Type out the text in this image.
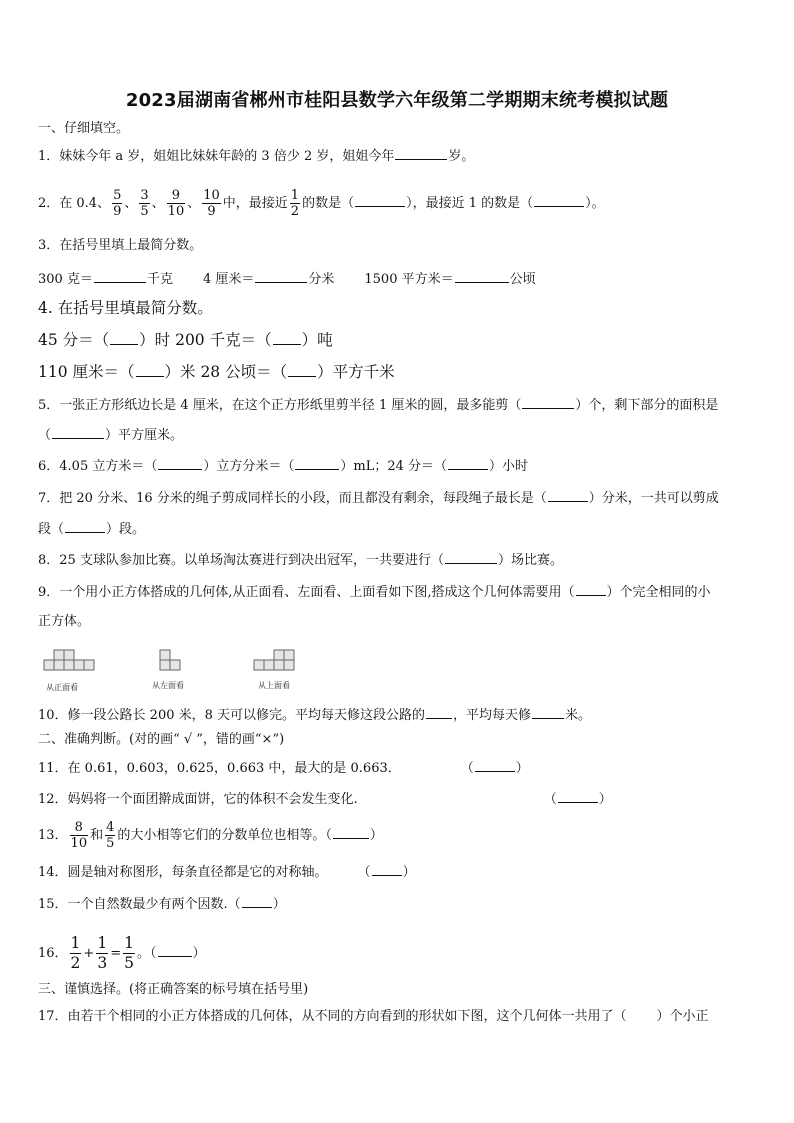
2023届湖南省郴州市桂阳县数学六年级第二学期期末统考模拟试题
一、仔细填空。
1．妹妹今年 a 岁，姐姐比妹妹年龄的 3 倍少 2 岁，姐姐今年	岁。
2．在 0.4、 $\frac{5}{9}$ 、 $\frac{3}{5}$ 、 $\frac{9}{10}$ 、 $\frac{10}{9}$ 中，最接近 $\frac{1}{2}$ 的数是（	），最接近 1 的数是（	）。
3．在括号里填上最简分数。
300 克＝	千克 4 厘米＝	分米 1500 平方米＝	公顷
4. 在括号里填最简分数。
45 分＝（ ）时 200 千克＝（ ）吨
110 厘米＝（ ）米 28 公顷＝（ ）平方千米
5．一张正方形纸边长是 4 厘米，在这个正方形纸里剪半径 1 厘米的圆，最多能剪（	）个，剩下部分的面积是
（	）平方厘米。
6．4.05 立方米＝（	）立方分米＝（	）mL；24 分＝（	）小时
7．把 20 分米、16 分米的绳子剪成同样长的小段，而且都没有剩余，每段绳子最长是（	）分米，一共可以剪成
段（	）段。
8．25 支球队参加比赛。以单场淘汰赛进行到决出冠军，一共要进行（	）场比赛。
9．一个用小正方体搭成的几何体,从正面看、左面看、上面看如下图,搭成这个几何体需要用（ ）个完全相同的小
正方体。
从正面看	从左面看	从上面看
10．修一段公路长 200 米，8 天可以修完。平均每天修这段公路的 ，平均每天修	米。
二、准确判断。(对的画“ √ ”，错的画“×”)
11．在 0.61，0.603，0.625，0.663 中，最大的是 0.663．	（	）
12．妈妈将一个面团擀成面饼，它的体积不会发生变化.	（	）
13． $\frac{8}{10}$ 和 $\frac{4}{5}$ 的大小相等它们的分数单位也相等。（	）
14．圆是轴对称图形，每条直径都是它的对称轴。 （ ）
15．一个自然数最少有两个因数.（ ）
16． $\frac{1}{2} + \frac{1}{3} = \frac{1}{5}$ 。（	）
三、谨慎选择。(将正确答案的标号填在括号里)
17．由若干个相同的小正方体搭成的几何体，从不同的方向看到的形状如下图，这个几何体一共用了（ ）个小正
